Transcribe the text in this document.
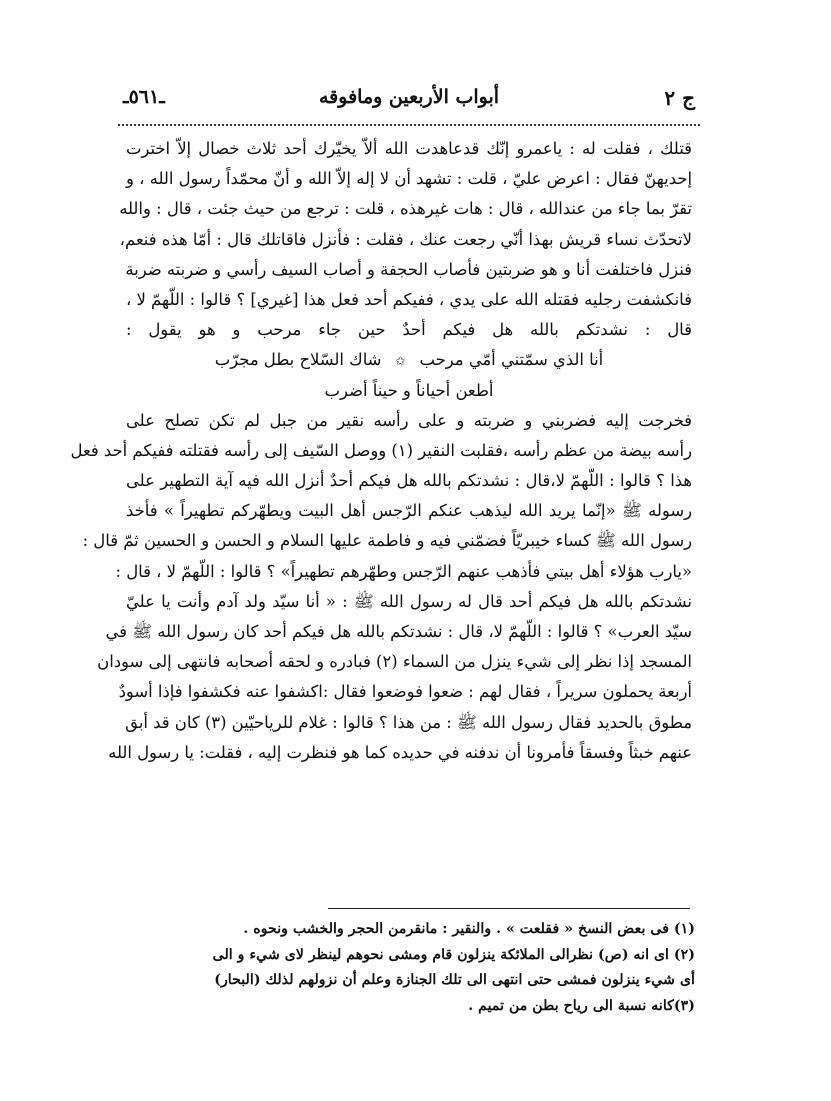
ج ٢
أبواب الأربعين ومافوقه
ـ٥٦١ـ
قتلك ، فقلت له : ياعمرو إنّك قدعاهدت الله ألاّ يخيّرك أحد ثلاث خصال إلاّ اخترت
إحديهنّ فقال : اعرض عليّ ، قلت : تشهد أن لا إله إلاّ الله و أنّ محمّداً رسول الله ، و
تقرّ بما جاء من عندالله ، قال : هات غيرهذه ، قلت : ترجع من حيث جئت ، قال : والله
لاتحدّث نساء قريش بهذا أنّي رجعت عنك ، فقلت : فأنزل فاقاتلك قال : أمّا هذه فنعم،
فنزل فاختلفت أنا و هو ضربتين فأصاب الحجفة و أصاب السيف رأسي و ضربته ضربة
فانكشفت رجليه فقتله الله على يدي ، ففيكم أحد فعل هذا [غيري] ؟ قالوا : اللّهمّ لا ،
قال : نشدتكم بالله هل فيكم أحدٌ حين جاء مرحب و هو يقول :
أنا الذي سمّتني أمّي مرحب✩شاك السّلاح بطل مجرّب
أطعن أحياناً و حيناً أضرب
فخرجت إليه فضربني و ضربته و على رأسه نقير من جبل لم تكن تصلح على
رأسه بيضة من عظم رأسه ،فقلبت النقير (١) ووصل السّيف إلى رأسه فقتلته ففيكم أحد فعل
هذا ؟ قالوا : اللّهمّ لا،قال : نشدتكم بالله هل فيكم أحدٌ أنزل الله فيه آية التطهير على
رسوله ﷺ «إنّما يريد الله ليذهب عنكم الرّجس أهل البيت ويطهّركم تطهيراً » فأخذ
رسول الله ﷺ كساء خيبريّاً فضمّني فيه و فاطمة عليها السلام و الحسن و الحسين ثمّ قال :
«يارب هؤلاء أهل بيتي فأذهب عنهم الرّجس وطهّرهم تطهيراً» ؟ قالوا : اللّهمّ لا ، قال :
نشدتكم بالله هل فيكم أحد قال له رسول الله ﷺ : « أنا سيّد ولد آدم وأنت يا عليّ
سيّد العرب» ؟ قالوا : اللّهمّ لا، قال : نشدتكم بالله هل فيكم أحد كان رسول الله ﷺ في
المسجد إذا نظر إلى شيء ينزل من السماء (٢) فبادره و لحقه أصحابه فانتهى إلى سودان
أربعة يحملون سريراً ، فقال لهم : ضعوا فوضعوا فقال :اكشفوا عنه فكشفوا فإذا أسودٌ
مطوق بالحديد فقال رسول الله ﷺ : من هذا ؟ قالوا : غلام للرياحيّين (٣) كان قد أبق
عنهم خبثاً وفسقاً فأمرونا أن ندفنه في حديده كما هو فنظرت إليه ، فقلت: يا رسول الله
(١) فى بعض النسخ « فقلعت » . والنقير : مانقرمن الحجر والخشب ونحوه .
(٢) اى انه (ص) نظرالى الملائكة ينزلون قام ومشى نحوهم لينظر لاى شيء و الى
أى شيء ينزلون فمشى حتى انتهى الى تلك الجنازة وعلم أن نزولهم لذلك (البحار)
(٣)كانه نسبة الى رياح بطن من تميم .
